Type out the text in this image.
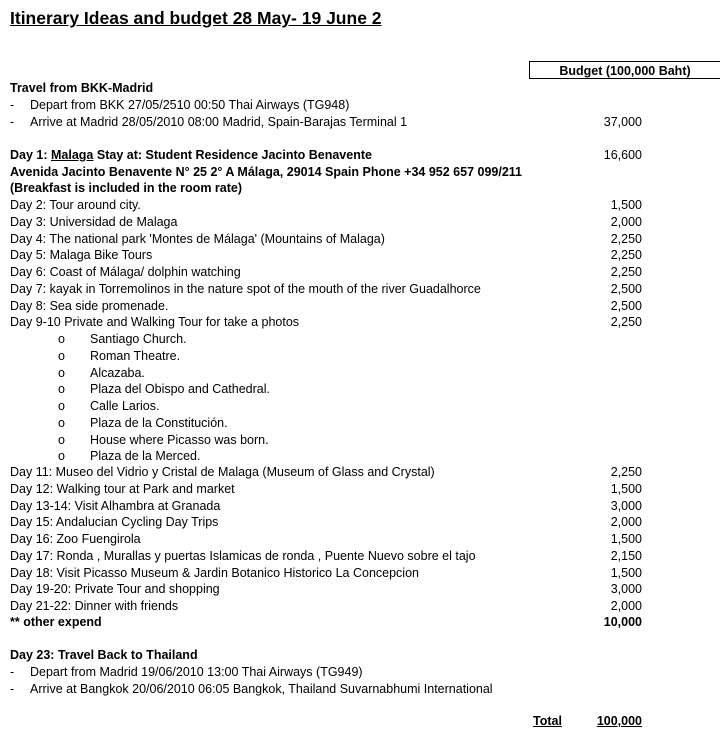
Itinerary Ideas and budget 28 May- 19 June 2
Budget (100,000 Baht)
Travel from BKK-Madrid
- Depart from BKK 27/05/2510 00:50 Thai Airways (TG948)
- Arrive at Madrid 28/05/2010 08:00 Madrid, Spain-Barajas Terminal 1	37,000
Day 1: Malaga Stay at: Student Residence Jacinto Benavente	16,600
Avenida Jacinto Benavente N° 25 2° A Málaga, 29014 Spain Phone +34 952 657 099/211
(Breakfast is included in the room rate)
Day 2: Tour around city.	1,500
Day 3: Universidad de Malaga	2,000
Day 4: The national park 'Montes de Málaga' (Mountains of Malaga)	2,250
Day 5: Malaga Bike Tours	2,250
Day 6: Coast of Málaga/ dolphin watching	2,250
Day 7: kayak in Torremolinos in the nature spot of the mouth of the river Guadalhorce	2,500
Day 8: Sea side promenade.	2,500
Day 9-10 Private and Walking Tour for take a photos	2,250
o Santiago Church.
o Roman Theatre.
o Alcazaba.
o Plaza del Obispo and Cathedral.
o Calle Larios.
o Plaza de la Constitución.
o House where Picasso was born.
o Plaza de la Merced.
Day 11: Museo del Vidrio y Cristal de Malaga (Museum of Glass and Crystal)	2,250
Day 12: Walking tour at Park and market	1,500
Day 13-14: Visit Alhambra at Granada	3,000
Day 15: Andalucian Cycling Day Trips	2,000
Day 16: Zoo Fuengirola	1,500
Day 17: Ronda , Murallas y puertas Islamicas de ronda , Puente Nuevo sobre el tajo	2,150
Day 18: Visit Picasso Museum & Jardin Botanico Historico La Concepcion	1,500
Day 19-20: Private Tour and shopping	3,000
Day 21-22: Dinner with friends	2,000
** other expend	10,000
Day 23: Travel Back to Thailand
- Depart from Madrid 19/06/2010 13:00 Thai Airways (TG949)
- Arrive at Bangkok 20/06/2010 06:05 Bangkok, Thailand Suvarnabhumi International
Total	100,000
